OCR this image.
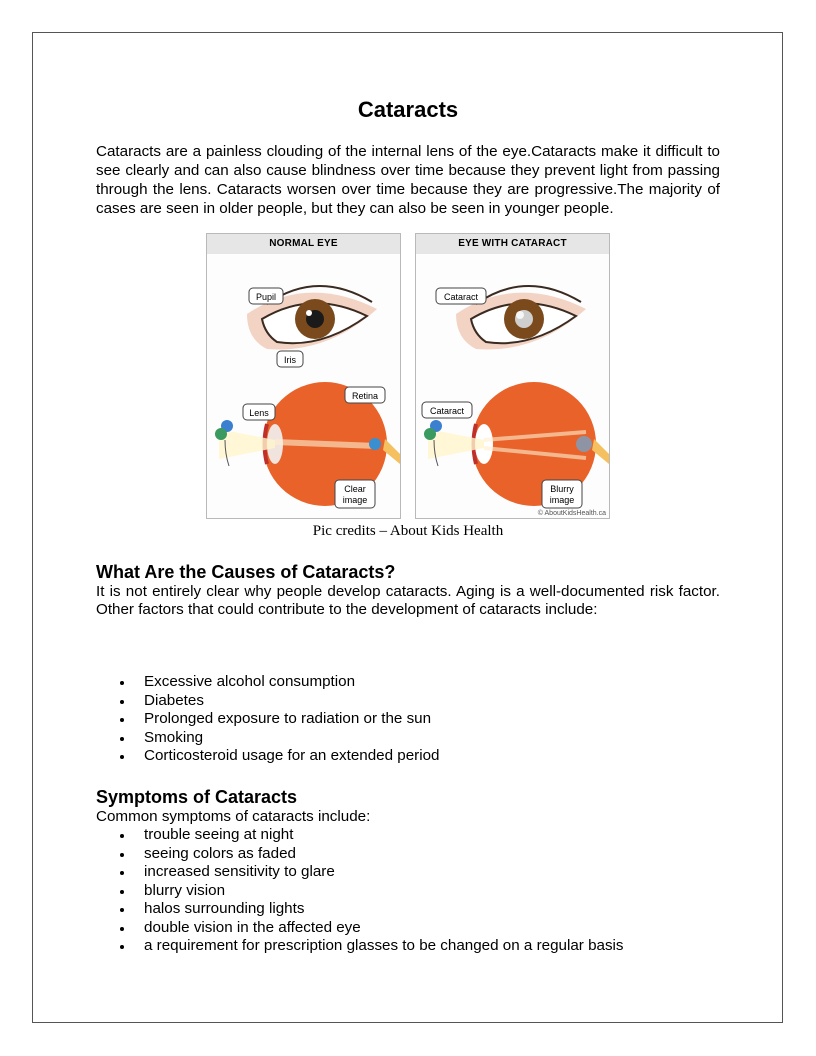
Cataracts

Cataracts are a painless clouding of the internal lens of the eye.Cataracts make it difficult to see clearly and can also cause blindness over time because they prevent light from passing through the lens. Cataracts worsen over time because they are progressive.The majority of cases are seen in older people, but they can also be seen in younger people.

NORMAL EYE
Pupil
Iris
Lens
Retina
Clear
image
EYE WITH CATARACT
Cataract
Cataract
Blurry
image
© AboutKidsHealth.ca
Pic credits – About Kids Health
What Are the Causes of Cataracts?

It is not entirely clear why people develop cataracts. Aging is a well-documented risk factor. Other factors that could contribute to the development of cataracts include:

Excessive alcohol consumption
Diabetes
Prolonged exposure to radiation or the sun
Smoking
Corticosteroid usage for an extended period
Symptoms of Cataracts

Common symptoms of cataracts include:

trouble seeing at night
seeing colors as faded
increased sensitivity to glare
blurry vision
halos surrounding lights
double vision in the affected eye
a requirement for prescription glasses to be changed on a regular basis
